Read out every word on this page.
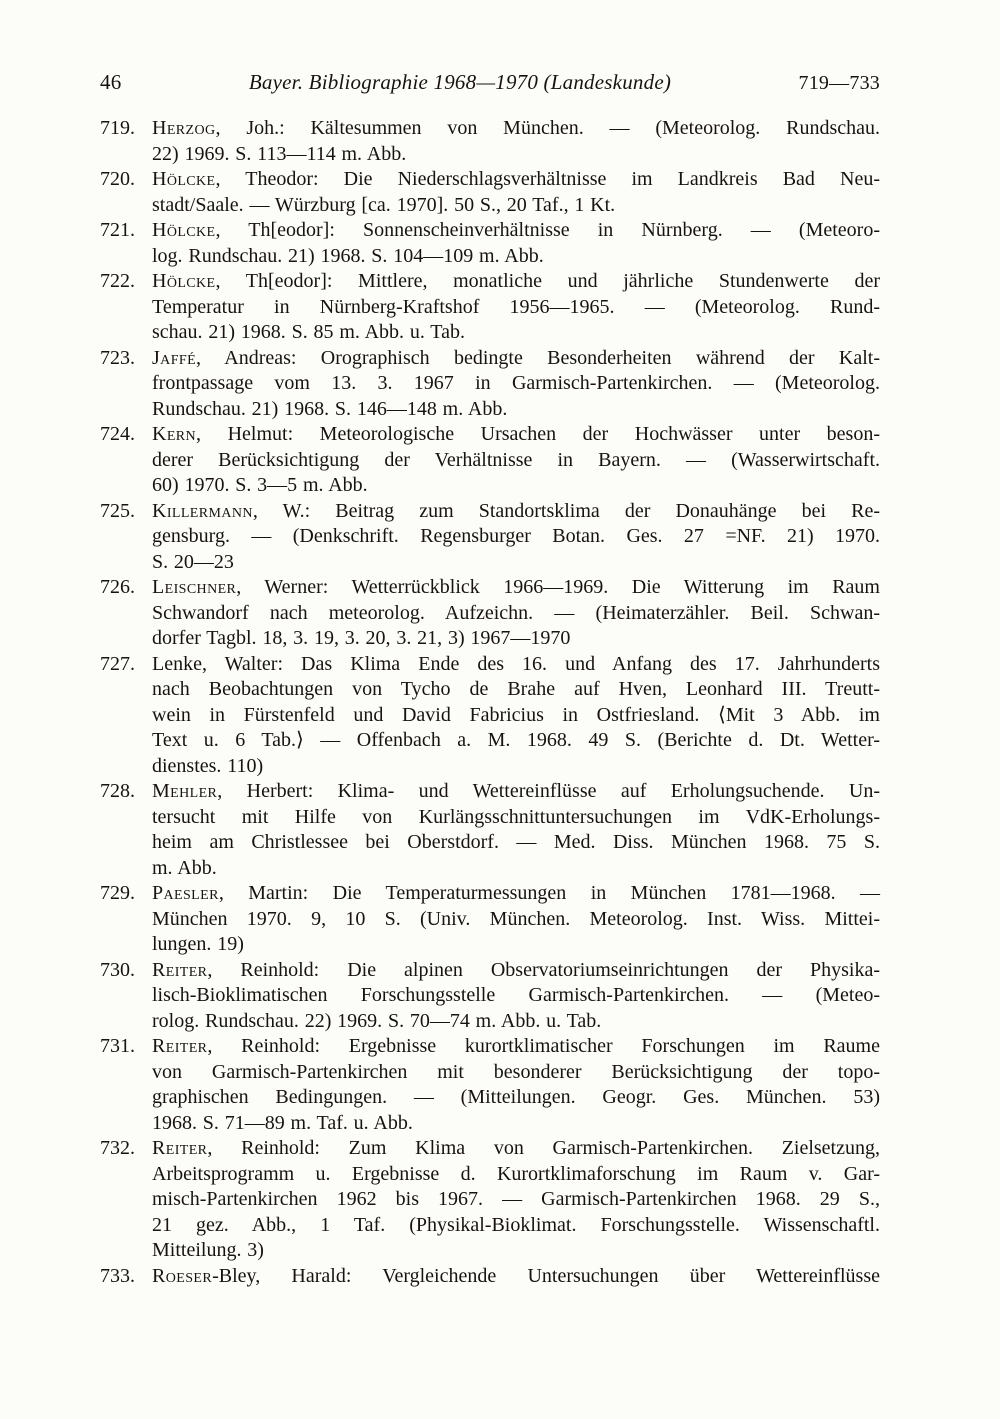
46	Bayer. Bibliographie 1968—1970 (Landeskunde)	719—733
719. Herzog, Joh.: Kältesummen von München. — (Meteorolog. Rundschau.
22) 1969. S. 113—114 m. Abb.
720. Hölcke, Theodor: Die Niederschlagsverhältnisse im Landkreis Bad Neu-
stadt/Saale. — Würzburg [ca. 1970]. 50 S., 20 Taf., 1 Kt.
721. Hölcke, Th[eodor]: Sonnenscheinverhältnisse in Nürnberg. — (Meteoro-
log. Rundschau. 21) 1968. S. 104—109 m. Abb.
722. Hölcke, Th[eodor]: Mittlere, monatliche und jährliche Stundenwerte der
Temperatur in Nürnberg-Kraftshof 1956—1965. — (Meteorolog. Rund-
schau. 21) 1968. S. 85 m. Abb. u. Tab.
723. Jaffé, Andreas: Orographisch bedingte Besonderheiten während der Kalt-
frontpassage vom 13. 3. 1967 in Garmisch-Partenkirchen. — (Meteorolog.
Rundschau. 21) 1968. S. 146—148 m. Abb.
724. Kern, Helmut: Meteorologische Ursachen der Hochwässer unter beson-
derer Berücksichtigung der Verhältnisse in Bayern. — (Wasserwirtschaft.
60) 1970. S. 3—5 m. Abb.
725. Killermann, W.: Beitrag zum Standortsklima der Donauhänge bei Re-
gensburg. — (Denkschrift. Regensburger Botan. Ges. 27 =NF. 21) 1970.
S. 20—23
726. Leischner, Werner: Wetterrückblick 1966—1969. Die Witterung im Raum
Schwandorf nach meteorolog. Aufzeichn. — (Heimaterzähler. Beil. Schwan-
dorfer Tagbl. 18, 3. 19, 3. 20, 3. 21, 3) 1967—1970
727. Lenke, Walter: Das Klima Ende des 16. und Anfang des 17. Jahrhunderts
nach Beobachtungen von Tycho de Brahe auf Hven, Leonhard III. Treutt-
wein in Fürstenfeld und David Fabricius in Ostfriesland. ⟨Mit 3 Abb. im
Text u. 6 Tab.⟩ — Offenbach a. M. 1968. 49 S. (Berichte d. Dt. Wetter-
dienstes. 110)
728. Mehler, Herbert: Klima- und Wettereinflüsse auf Erholungsuchende. Un-
tersucht mit Hilfe von Kurlängsschnittuntersuchungen im VdK-Erholungs-
heim am Christlessee bei Oberstdorf. — Med. Diss. München 1968. 75 S.
m. Abb.
729. Paesler, Martin: Die Temperaturmessungen in München 1781—1968. —
München 1970. 9, 10 S. (Univ. München. Meteorolog. Inst. Wiss. Mittei-
lungen. 19)
730. Reiter, Reinhold: Die alpinen Observatoriumseinrichtungen der Physika-
lisch-Bioklimatischen Forschungsstelle Garmisch-Partenkirchen. — (Meteo-
rolog. Rundschau. 22) 1969. S. 70—74 m. Abb. u. Tab.
731. Reiter, Reinhold: Ergebnisse kurortklimatischer Forschungen im Raume
von Garmisch-Partenkirchen mit besonderer Berücksichtigung der topo-
graphischen Bedingungen. — (Mitteilungen. Geogr. Ges. München. 53)
1968. S. 71—89 m. Taf. u. Abb.
732. Reiter, Reinhold: Zum Klima von Garmisch-Partenkirchen. Zielsetzung,
Arbeitsprogramm u. Ergebnisse d. Kurortklimaforschung im Raum v. Gar-
misch-Partenkirchen 1962 bis 1967. — Garmisch-Partenkirchen 1968. 29 S.,
21 gez. Abb., 1 Taf. (Physikal-Bioklimat. Forschungsstelle. Wissenschaftl.
Mitteilung. 3)
733. Roeser-Bley, Harald: Vergleichende Untersuchungen über Wettereinflüsse
